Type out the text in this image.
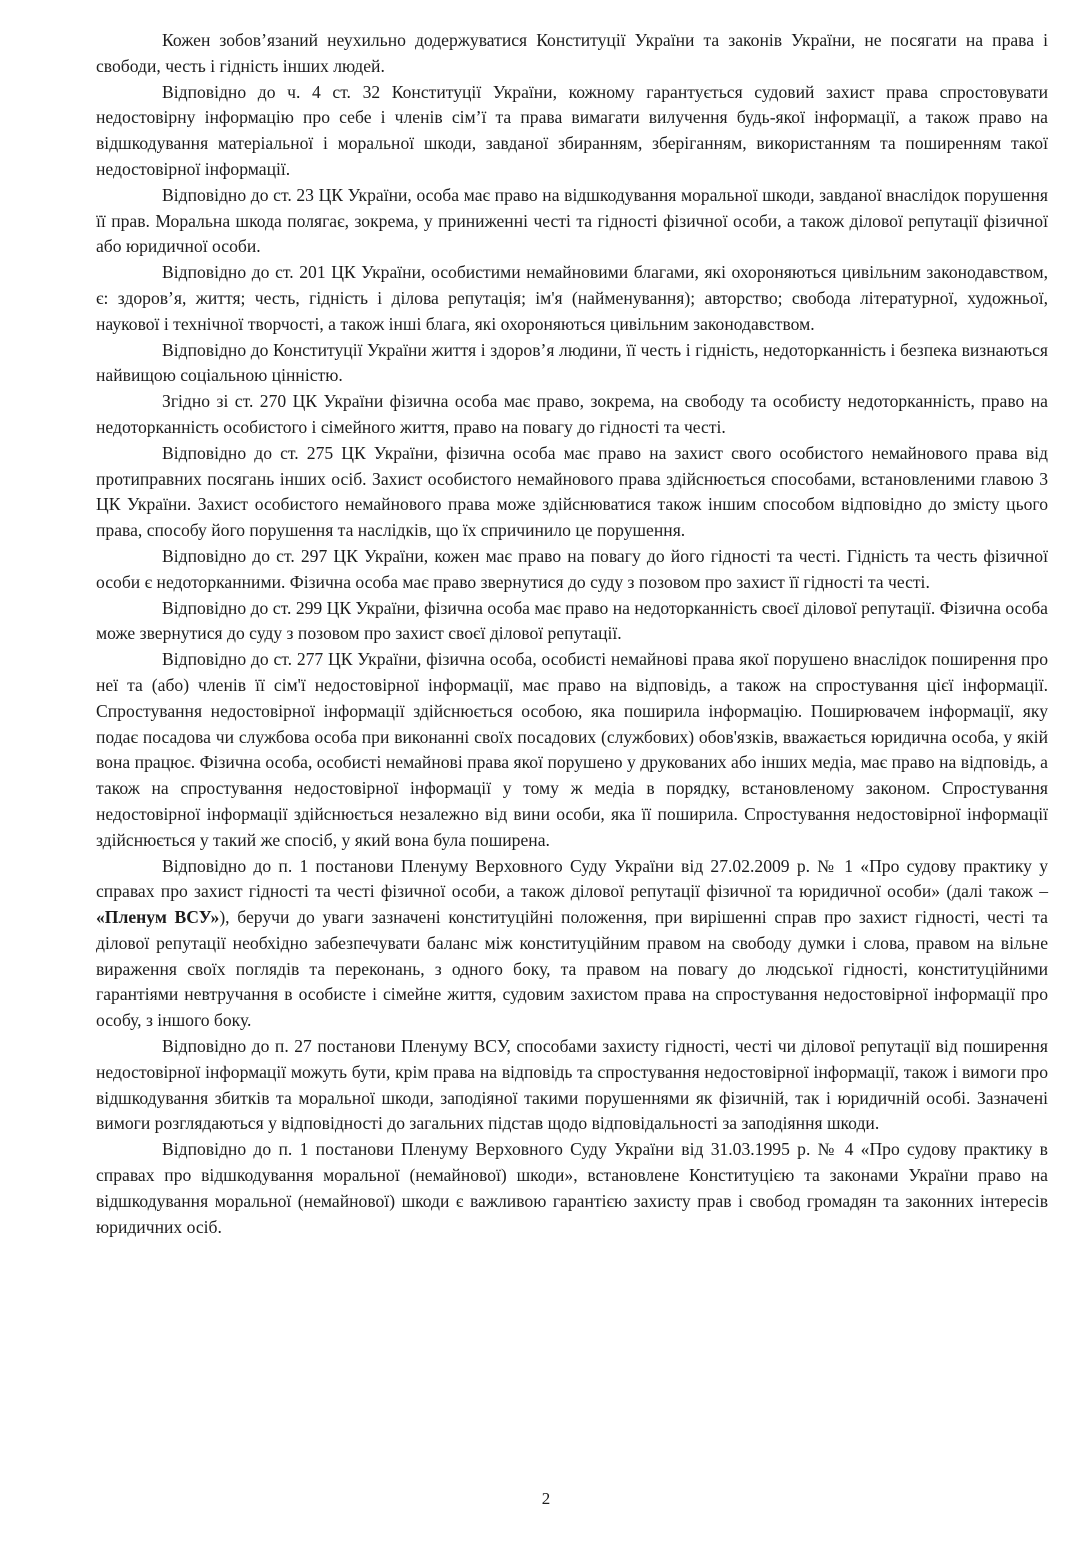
Кожен зобов’язаний неухильно додержуватися Конституції України та законів України, не посягати на права і свободи, честь і гідність інших людей.

Відповідно до ч. 4 ст. 32 Конституції України, кожному гарантується судовий захист права спростовувати недостовірну інформацію про себе і членів сім’ї та права вимагати вилучення будь-якої інформації, а також право на відшкодування матеріальної і моральної шкоди, завданої збиранням, зберіганням, використанням та поширенням такої недостовірної інформації.

Відповідно до ст. 23 ЦК України, особа має право на відшкодування моральної шкоди, завданої внаслідок порушення її прав. Моральна шкода полягає, зокрема, у приниженні честі та гідності фізичної особи, а також ділової репутації фізичної або юридичної особи.

Відповідно до ст. 201 ЦК України, особистими немайновими благами, які охороняються цивільним законодавством, є: здоров’я, життя; честь, гідність і ділова репутація; ім'я (найменування); авторство; свобода літературної, художньої, наукової і технічної творчості, а також інші блага, які охороняються цивільним законодавством.

Відповідно до Конституції України життя і здоров’я людини, її честь і гідність, недоторканність і безпека визнаються найвищою соціальною цінністю.

Згідно зі ст. 270 ЦК України фізична особа має право, зокрема, на свободу та особисту недоторканність, право на недоторканність особистого і сімейного життя, право на повагу до гідності та честі.

Відповідно до ст. 275 ЦК України, фізична особа має право на захист свого особистого немайнового права від протиправних посягань інших осіб. Захист особистого немайнового права здійснюється способами, встановленими главою 3 ЦК України. Захист особистого немайнового права може здійснюватися також іншим способом відповідно до змісту цього права, способу його порушення та наслідків, що їх спричинило це порушення.

Відповідно до ст. 297 ЦК України, кожен має право на повагу до його гідності та честі. Гідність та честь фізичної особи є недоторканними. Фізична особа має право звернутися до суду з позовом про захист її гідності та честі.

Відповідно до ст. 299 ЦК України, фізична особа має право на недоторканність своєї ділової репутації. Фізична особа може звернутися до суду з позовом про захист своєї ділової репутації.

Відповідно до ст. 277 ЦК України, фізична особа, особисті немайнові права якої порушено внаслідок поширення про неї та (або) членів її сім'ї недостовірної інформації, має право на відповідь, а також на спростування цієї інформації. Спростування недостовірної інформації здійснюється особою, яка поширила інформацію. Поширювачем інформації, яку подає посадова чи службова особа при виконанні своїх посадових (службових) обов'язків, вважається юридична особа, у якій вона працює. Фізична особа, особисті немайнові права якої порушено у друкованих або інших медіа, має право на відповідь, а також на спростування недостовірної інформації у тому ж медіа в порядку, встановленому законом. Спростування недостовірної інформації здійснюється незалежно від вини особи, яка її поширила. Спростування недостовірної інформації здійснюється у такий же спосіб, у який вона була поширена.

Відповідно до п. 1 постанови Пленуму Верховного Суду України від 27.02.2009 р. № 1 «Про судову практику у справах про захист гідності та честі фізичної особи, а також ділової репутації фізичної та юридичної особи» (далі також – «Пленум ВСУ»), беручи до уваги зазначені конституційні положення, при вирішенні справ про захист гідності, честі та ділової репутації необхідно забезпечувати баланс між конституційним правом на свободу думки і слова, правом на вільне вираження своїх поглядів та переконань, з одного боку, та правом на повагу до людської гідності, конституційними гарантіями невтручання в особисте і сімейне життя, судовим захистом права на спростування недостовірної інформації про особу, з іншого боку.

Відповідно до п. 27 постанови Пленуму ВСУ, способами захисту гідності, честі чи ділової репутації від поширення недостовірної інформації можуть бути, крім права на відповідь та спростування недостовірної інформації, також і вимоги про відшкодування збитків та моральної шкоди, заподіяної такими порушеннями як фізичній, так і юридичній особі. Зазначені вимоги розглядаються у відповідності до загальних підстав щодо відповідальності за заподіяння шкоди.

Відповідно до п. 1 постанови Пленуму Верховного Суду України від 31.03.1995 р. № 4 «Про судову практику в справах про відшкодування моральної (немайнової) шкоди», встановлене Конституцією та законами України право на відшкодування моральної (немайнової) шкоди є важливою гарантією захисту прав і свобод громадян та законних інтересів юридичних осіб.

2
